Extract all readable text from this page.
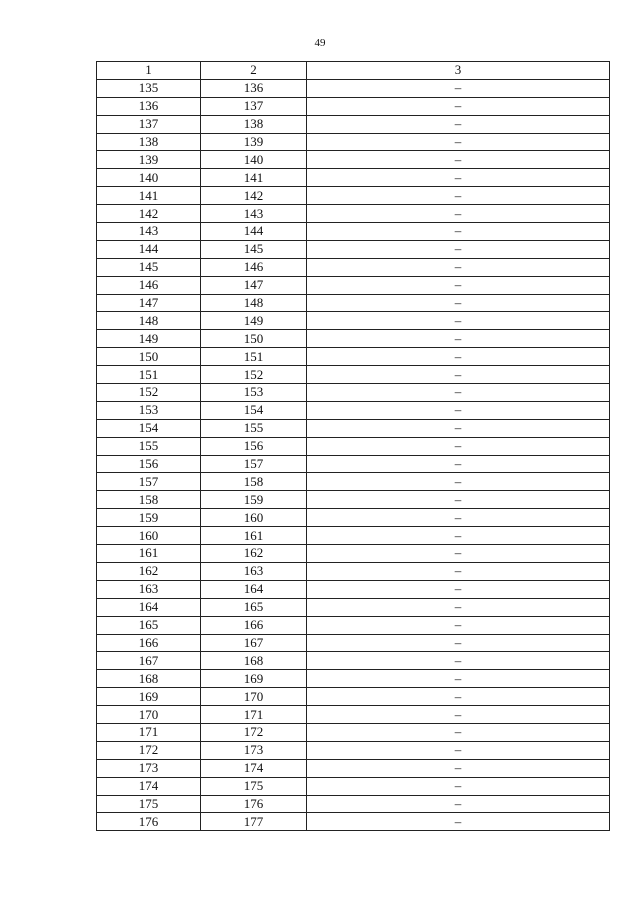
49
1	2	3
135	136	–
136	137	–
137	138	–
138	139	–
139	140	–
140	141	–
141	142	–
142	143	–
143	144	–
144	145	–
145	146	–
146	147	–
147	148	–
148	149	–
149	150	–
150	151	–
151	152	–
152	153	–
153	154	–
154	155	–
155	156	–
156	157	–
157	158	–
158	159	–
159	160	–
160	161	–
161	162	–
162	163	–
163	164	–
164	165	–
165	166	–
166	167	–
167	168	–
168	169	–
169	170	–
170	171	–
171	172	–
172	173	–
173	174	–
174	175	–
175	176	–
176	177	–
